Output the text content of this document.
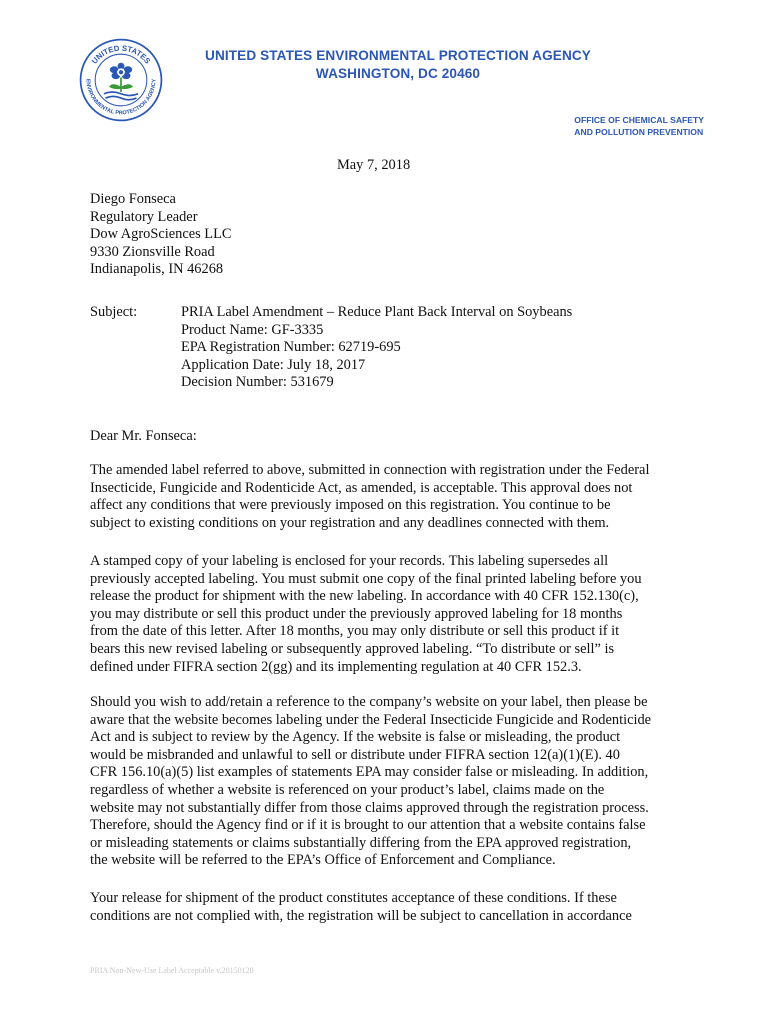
UNITED STATES
ENVIRONMENTAL PROTECTION AGENCY
UNITED STATES ENVIRONMENTAL PROTECTION AGENCY
WASHINGTON, DC 20460
OFFICE OF CHEMICAL SAFETY
AND POLLUTION PREVENTION
May 7, 2018
Diego Fonseca
Regulatory Leader
Dow AgroSciences LLC
9330 Zionsville Road
Indianapolis, IN 46268
Subject:	PRIA Label Amendment – Reduce Plant Back Interval on Soybeans
Product Name: GF-3335
EPA Registration Number: 62719-695
Application Date: July 18, 2017
Decision Number: 531679
Dear Mr. Fonseca:
The amended label referred to above, submitted in connection with registration under the Federal
Insecticide, Fungicide and Rodenticide Act, as amended, is acceptable. This approval does not
affect any conditions that were previously imposed on this registration. You continue to be
subject to existing conditions on your registration and any deadlines connected with them.
A stamped copy of your labeling is enclosed for your records. This labeling supersedes all
previously accepted labeling. You must submit one copy of the final printed labeling before you
release the product for shipment with the new labeling. In accordance with 40 CFR 152.130(c),
you may distribute or sell this product under the previously approved labeling for 18 months
from the date of this letter. After 18 months, you may only distribute or sell this product if it
bears this new revised labeling or subsequently approved labeling. “To distribute or sell” is
defined under FIFRA section 2(gg) and its implementing regulation at 40 CFR 152.3.
Should you wish to add/retain a reference to the company’s website on your label, then please be
aware that the website becomes labeling under the Federal Insecticide Fungicide and Rodenticide
Act and is subject to review by the Agency. If the website is false or misleading, the product
would be misbranded and unlawful to sell or distribute under FIFRA section 12(a)(1)(E). 40
CFR 156.10(a)(5) list examples of statements EPA may consider false or misleading. In addition,
regardless of whether a website is referenced on your product’s label, claims made on the
website may not substantially differ from those claims approved through the registration process.
Therefore, should the Agency find or if it is brought to our attention that a website contains false
or misleading statements or claims substantially differing from the EPA approved registration,
the website will be referred to the EPA’s Office of Enforcement and Compliance.
Your release for shipment of the product constitutes acceptance of these conditions. If these
conditions are not complied with, the registration will be subject to cancellation in accordance
PRIA Non-New-Use Label Acceptable v.20150120
